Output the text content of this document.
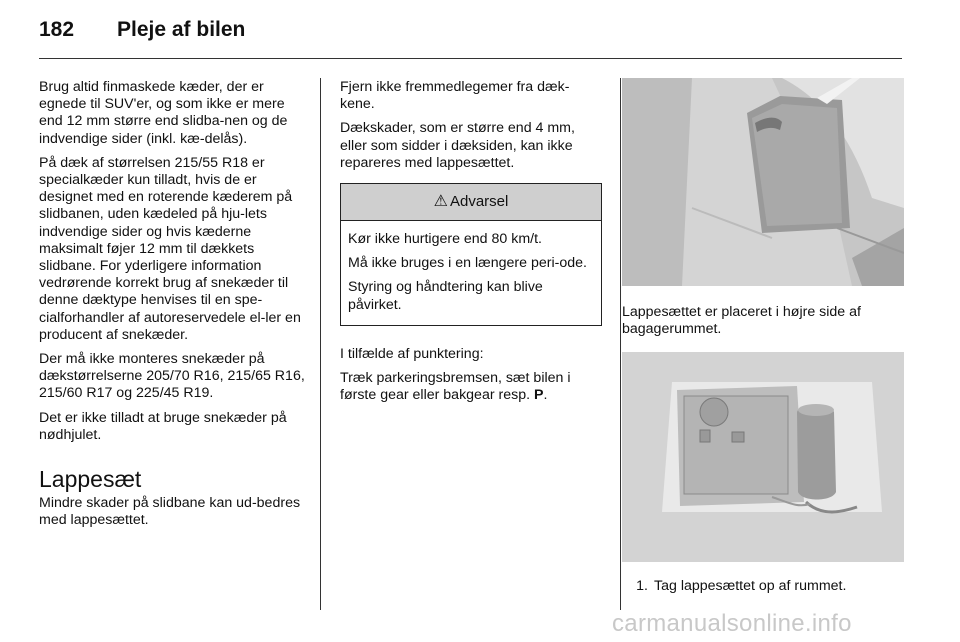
182	Pleje af bilen

Brug altid finmaskede kæder, der er egnede til SUV'er, og som ikke er mere end 12 mm større end slidba-nen og de indvendige sider (inkl. kæ-delås).

På dæk af størrelsen 215/55 R18 er specialkæder kun tilladt, hvis de er designet med en roterende kæderem på slidbanen, uden kædeled på hju-lets indvendige sider og hvis kæderne maksimalt føjer 12 mm til dækkets slidbane. For yderligere information vedrørende korrekt brug af snekæder til denne dæktype henvises til en spe-cialforhandler af autoreservedele el-ler en producent af snekæder.

Der må ikke monteres snekæder på dækstørrelserne 205/70 R16, 215/65 R16, 215/60 R17 og 225/45 R19.

Det er ikke tilladt at bruge snekæder på nødhjulet.

Lappesæt

Mindre skader på slidbane kan ud-bedres med lappesættet.

Fjern ikke fremmedlegemer fra dæk-kene.

Dækskader, som er større end 4 mm, eller som sidder i dæksiden, kan ikke repareres med lappesættet.

⚠ Advarsel

Kør ikke hurtigere end 80 km/t.

Må ikke bruges i en længere peri-ode.

Styring og håndtering kan blive påvirket.

I tilfælde af punktering:

Træk parkeringsbremsen, sæt bilen i første gear eller bakgear resp. P.

Lappesættet er placeret i højre side af bagagerummet.

1. Tag lappesættet op af rummet.
carmanualsonline.info
